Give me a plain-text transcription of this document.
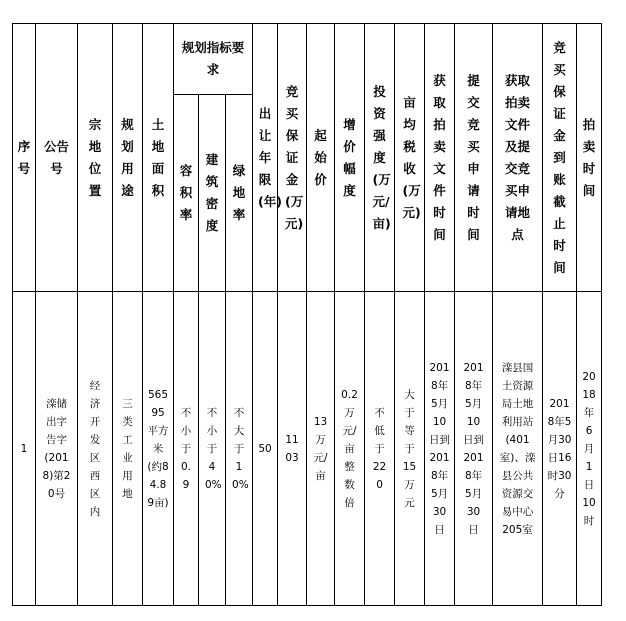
序号	公告号	宗地位置	规划用途	土地面积	规划指标要求			出让年限(年)	竞买保证金(万元)	起始价	增价幅度	投资强度(万元/亩)	亩均税收(万元)	获取拍卖文件时间	提交竞买申请时间	获取拍卖文件及提交竞买申请地点	竞买保证金到账截止时间	拍卖时间
					容积率	建筑密度	绿地率											
1	滦储出字告字(2018)第20号	经济开发区西区内	三类工业用地	56595平方米(约84.89亩)	不小于0.9	不小于40%	不大于10%	50	1103	13万元/亩	0.2万元/亩整数倍	不低于220	大于等于15万元	2018年5月10日到2018年5月30日	2018年5月10日到2018年5月30日	滦县国土资源局土地利用站(401室)、滦县公共资源交易中心205室	2018年5月30日16时30分	2018年6月1日10时
